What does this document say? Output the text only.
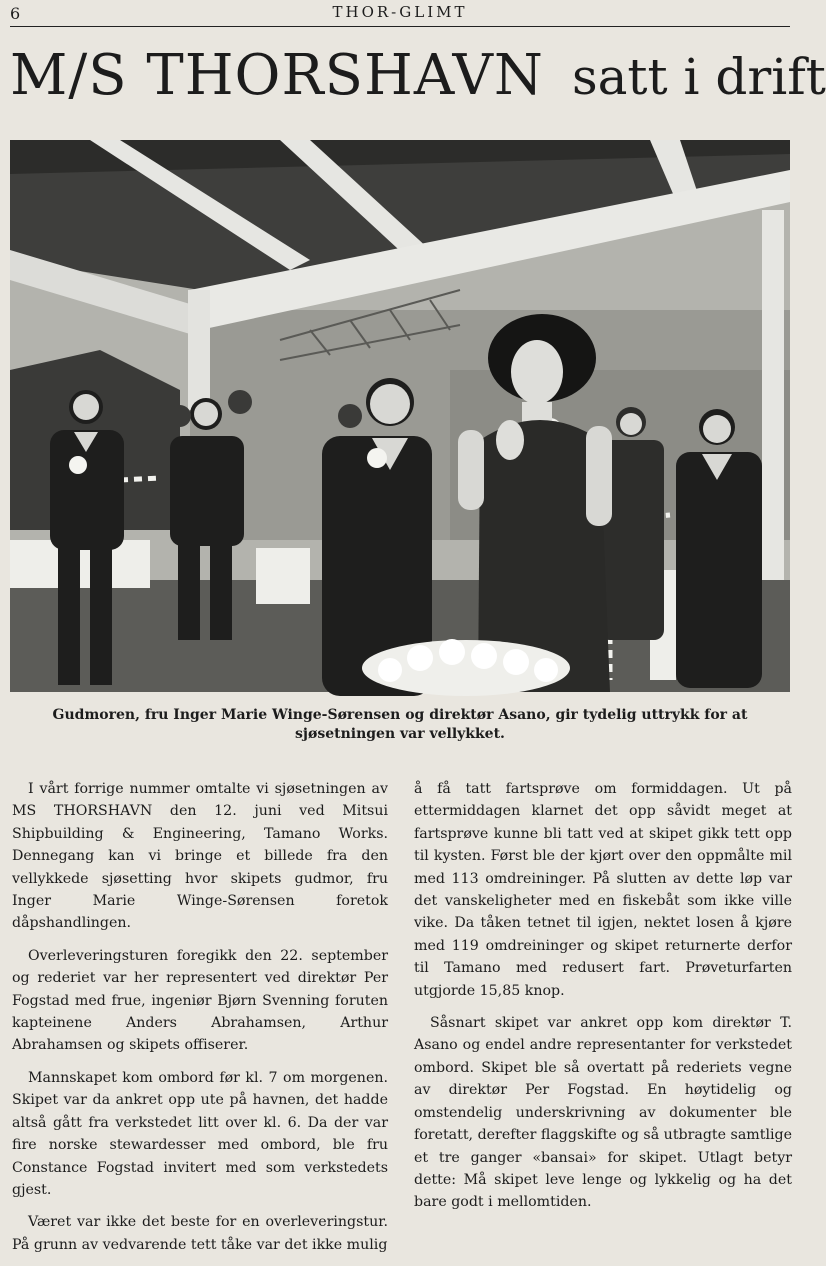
6	THOR-GLIMT
M/S THORSHAVN satt i drift
Gudmoren, fru Inger Marie Winge-Sørensen og direktør Asano, gir tydelig uttrykk for at sjøsetningen var vellykket.

I vårt forrige nummer omtalte vi sjøsetningen av MS THORSHAVN den 12. juni ved Mitsui Shipbuilding & Engineering, Tamano Works. Dennegang kan vi bringe et billede fra den vellykkede sjøsetting hvor skipets gudmor, fru Inger Marie Winge-Sørensen foretok dåpshandlingen.

Overleveringsturen foregikk den 22. september og rederiet var her representert ved direktør Per Fogstad med frue, ingeniør Bjørn Svenning foruten kapteinene Anders Abrahamsen, Arthur Abrahamsen og skipets offiserer.

Mannskapet kom ombord før kl. 7 om morgenen. Skipet var da ankret opp ute på havnen, det hadde altså gått fra verkstedet litt over kl. 6. Da der var fire norske stewardesser med ombord, ble fru Constance Fogstad invitert med som verkstedets gjest.

Været var ikke det beste for en overleveringstur. På grunn av vedvarende tett tåke var det ikke mulig

å få tatt fartsprøve om formiddagen. Ut på ettermiddagen klarnet det opp såvidt meget at fartsprøve kunne bli tatt ved at skipet gikk tett opp til kysten. Først ble der kjørt over den oppmålte mil med 113 omdreininger. På slutten av dette løp var det vanskeligheter med en fiskebåt som ikke ville vike. Da tåken tetnet til igjen, nektet losen å kjøre med 119 omdreininger og skipet returnerte derfor til Tamano med redusert fart. Prøveturfarten utgjorde 15,85 knop.

Såsnart skipet var ankret opp kom direktør T. Asano og endel andre representanter for verkstedet ombord. Skipet ble så overtatt på rederiets vegne av direktør Per Fogstad. En høytidelig og omstendelig underskrivning av dokumenter ble foretatt, derefter flaggskifte og så utbragte samtlige et tre ganger «bansai» for skipet. Utlagt betyr dette: Må skipet leve lenge og lykkelig og ha det bare godt i mellomtiden.
